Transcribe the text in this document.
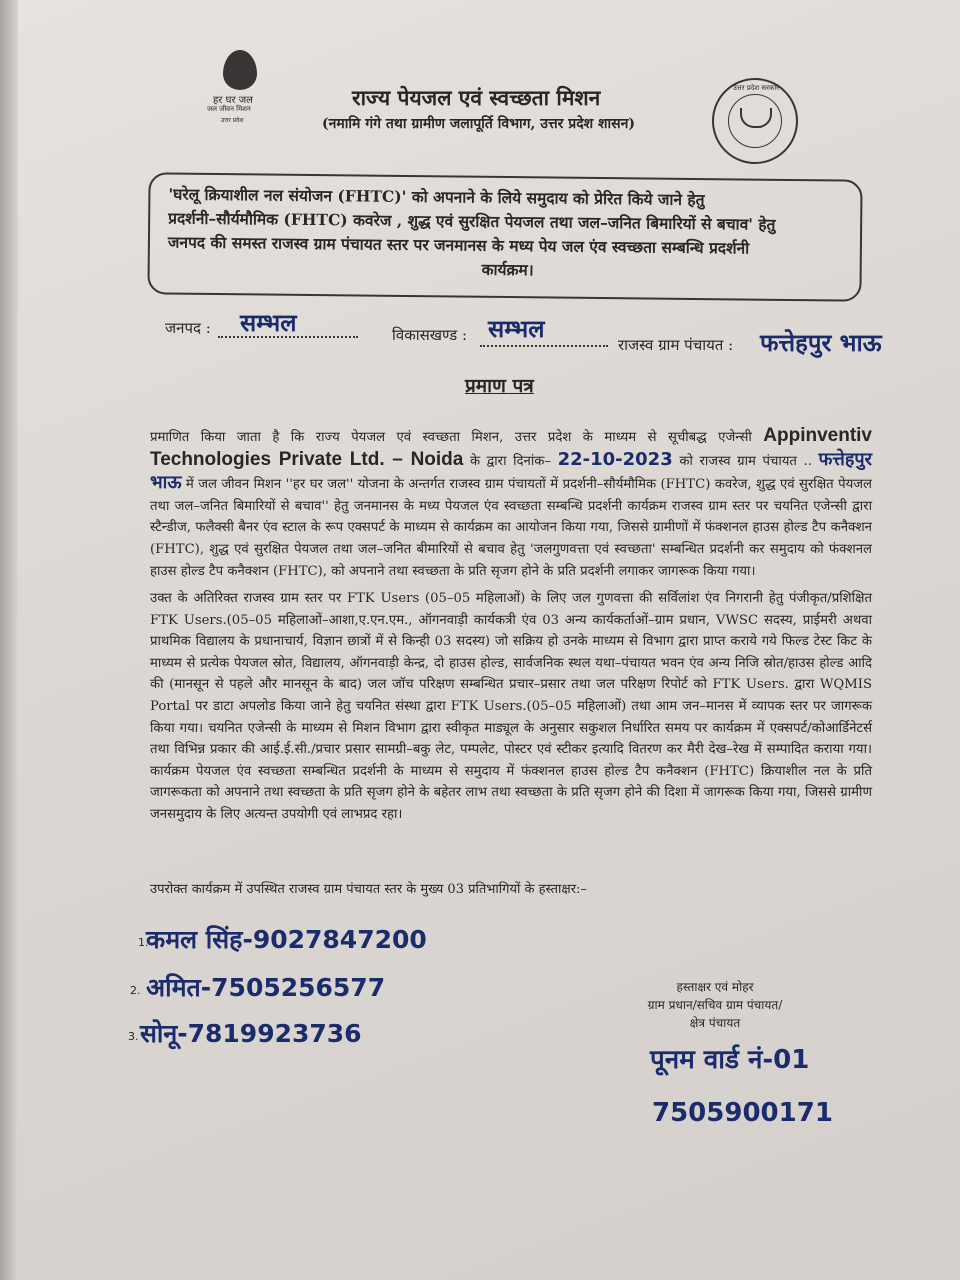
हर घर जल
जल जीवन मिशन
उत्तर प्रदेश
उत्तर प्रदेश सरकार
राज्य पेयजल एवं स्वच्छता मिशन
(नमामि गंगे तथा ग्रामीण जलापूर्ति विभाग, उत्तर प्रदेश शासन)

'घरेलू क्रियाशील नल संयोजन (FHTC)' को अपनाने के लिये समुदाय को प्रेरित किये जाने हेतु
प्रदर्शनी–सौर्यमौमिक (FHTC) कवरेज , शुद्ध एवं सुरक्षित पेयजल तथा जल–जनित बिमारियों से बचाव' हेतु
जनपद की समस्त राजस्व ग्राम पंचायत स्तर पर जनमानस के मध्य पेय जल एंव स्वच्छता सम्बन्धि प्रदर्शनी
कार्यक्रम।

जनपद : सम्भल	विकासखण्ड : सम्भल
राजस्व ग्राम पंचायत : फत्तेहपुर भाऊ
प्रमाण पत्र
प्रमाणित किया जाता है कि राज्य पेयजल एवं स्वच्छता मिशन, उत्तर प्रदेश के माध्यम से सूचीबद्ध एजेन्सी Appinventiv Technologies Private Ltd. – Noida के द्वारा दिनांक– 22-10-2023 को राजस्व ग्राम पंचायत .. फत्तेहपुर भाऊ में जल जीवन मिशन ''हर घर जल'' योजना के अन्तर्गत राजस्व ग्राम पंचायतों में प्रदर्शनी–सौर्यमौमिक (FHTC) कवरेज, शुद्ध एवं सुरक्षित पेयजल तथा जल–जनित बिमारियों से बचाव'' हेतु जनमानस के मध्य पेयजल एंव स्वच्छता सम्बन्धि प्रदर्शनी कार्यक्रम राजस्व ग्राम स्तर पर चयनित एजेन्सी द्वारा स्टैन्डीज, फलैक्सी बैनर एंव स्टाल के रूप एक्सपर्ट के माध्यम से कार्यक्रम का आयोजन किया गया, जिससे ग्रामीणों में फंक्शनल हाउस होल्ड टैप कनैक्शन (FHTC), शुद्ध एवं सुरक्षित पेयजल तथा जल–जनित बीमारियों से बचाव हेतु 'जलगुणवत्ता एवं स्वच्छता' सम्बन्धित प्रदर्शनी कर समुदाय को फंक्शनल हाउस होल्ड टैप कनैक्शन (FHTC), को अपनाने तथा स्वच्छता के प्रति सृजग होने के प्रति प्रदर्शनी लगाकर जागरूक किया गया।
उक्त के अतिरिक्त राजस्व ग्राम स्तर पर FTK Users (05–05 महिलाओं) के लिए जल गुणवत्ता की सर्विलांश एंव निगरानी हेतु पंजीकृत/प्रशिक्षित FTK Users.(05–05 महिलाओं–आशा,ए.एन.एम., ऑगनवाड़ी कार्यकत्री एंव 03 अन्य कार्यकर्ताओं–ग्राम प्रधान, VWSC सदस्य, प्राईमरी अथवा प्राथमिक विद्यालय के प्रधानाचार्य, विज्ञान छात्रों में से किन्ही 03 सदस्य) जो सक्रिय हो उनके माध्यम से विभाग द्वारा प्राप्त कराये गये फिल्ड टेस्ट किट के माध्यम से प्रत्येक पेयजल स्रोत, विद्यालय, ऑगनवाड़ी केन्द्र, दो हाउस होल्ड, सार्वजनिक स्थल यथा–पंचायत भवन एंव अन्य निजि स्रोत/हाउस होल्ड आदि की (मानसून से पहले और मानसून के बाद) जल जॉच परिक्षण सम्बन्धित प्रचार–प्रसार तथा जल परिक्षण रिपोर्ट को FTK Users. द्वारा WQMIS Portal पर डाटा अपलोड किया जाने हेतु चयनित संस्था द्वारा FTK Users.(05–05 महिलाओं) तथा आम जन–मानस में व्यापक स्तर पर जागरूक किया गया। चयनित एजेन्सी के माध्यम से मिशन विभाग द्वारा स्वीकृत माड्यूल के अनुसार सकुशल निर्धारित समय पर कार्यक्रम में एक्सपर्ट/कोआर्डिनेटर्स तथा विभिन्न प्रकार की आई.ई.सी./प्रचार प्रसार सामग्री–बकु लेट, पम्पलेट, पोस्टर एवं स्टीकर इत्यादि वितरण कर मैरी देख–रेख में सम्पादित कराया गया। कार्यक्रम पेयजल एंव स्वच्छता सम्बन्धित प्रदर्शनी के माध्यम से समुदाय में फंक्शनल हाउस होल्ड टैप कनैक्शन (FHTC) क्रियाशील नल के प्रति जागरूकता को अपनाने तथा स्वच्छता के प्रति सृजग होने के बहेतर लाभ तथा स्वच्छता के प्रति सृजग होने की दिशा में जागरूक किया गया, जिससे ग्रामीण जनसमुदाय के लिए अत्यन्त उपयोगी एवं लाभप्रद रहा।
उपरोक्त कार्यक्रम में उपस्थित राजस्व ग्राम पंचायत स्तर के मुख्य 03 प्रतिभागियों के हस्ताक्षर:–
1.
कमल सिंह-9027847200
2. अमित-7505256577
3. सोनू-7819923736
हस्ताक्षर एवं मोहर
ग्राम प्रधान/सचिव ग्राम पंचायत/
क्षेत्र पंचायत
पूनम वार्ड नं-01
7505900171
